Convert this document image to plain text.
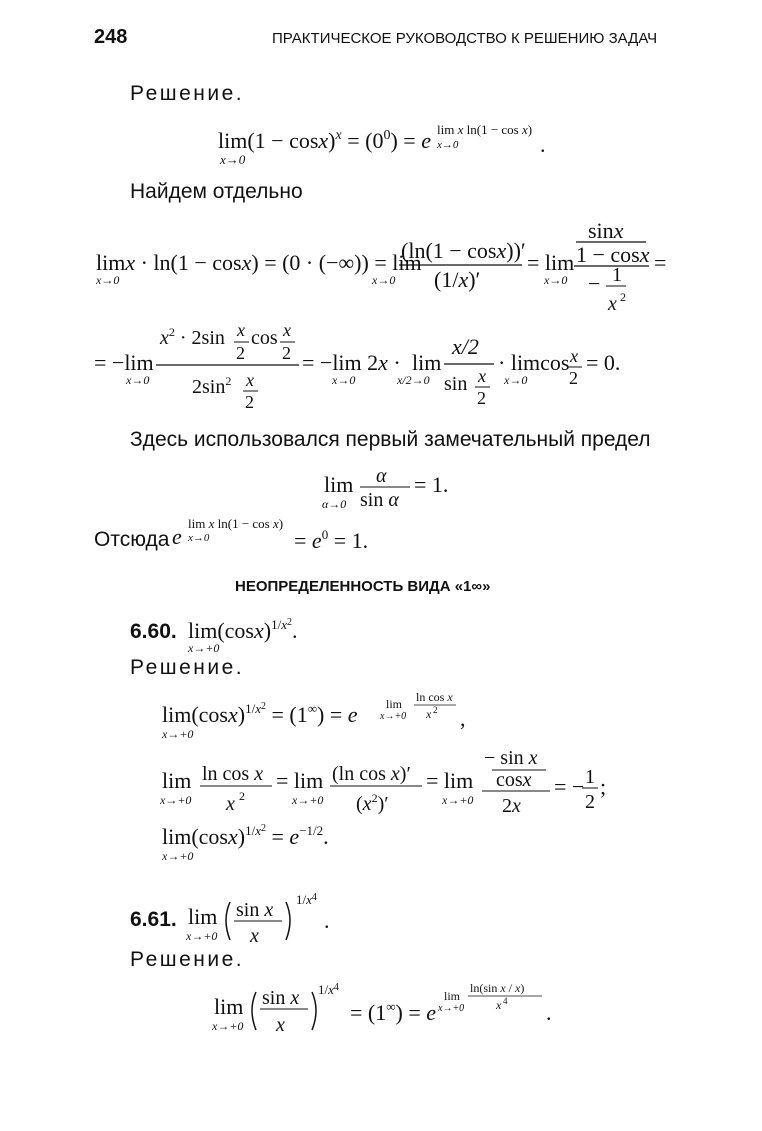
248	ПРАКТИЧЕСКОЕ РУКОВОДСТВО К РЕШЕНИЮ ЗАДАЧ
Решение.
$\lim(1 - \cos x)^x = (0^0) = e$
x→0
lim x ln(1 − cos x)
x→0	.
Найдем отдельно
limx · ln(1 − cosx) = (0 · (−∞)) = lim
x→0	x→0
(ln(1 − cosx))′
(1/x)′
= lim
x→0
sinx
1 − cosx
− 1
x 2
=
= −lim
x→0
$x^2 \cdot 2\sin$ x
2
cos x
2
$2\sin^2$ x
2
= −lim 2x ·
x→0
lim
x/2→0
x/2
sin x
2
· limcos
x→0
x
2
= 0.
Здесь использовался первый замечательный предел
lim
α→0
α
sin α
= 1.
Отсюда e
lim x ln(1 − cos x)
x→0	= $e^0 = 1$.
НЕОПРЕДЕЛЕННОСТЬ ВИДА «1∞»
6.60. $\lim(\cos x)^{1/}x2$.
x→+0
Решение.
$\lim(\cos x)^{1/}x2 = (1^\infty) = e$
x→+0
lim
x→+0
ln cos x
x 2 ,
lim
x→+0
ln cos x
x 2
= lim
x→+0
(ln cos x)′
$(x^2)'$
= lim
x→+0
− sin x
cosx
2x
= − 1
2
;
$\lim(\cos x)^{1/}x2 = e^{-1/2}$.
x→+0
6.61. lim
x→+0
sin x
x
$1/x^4$
.
Решение.
lim
x→+0
sin x
x
$1/x^4$
= (1∞) = e
lim
x→+0
ln(sin x / x)
x 4 .
